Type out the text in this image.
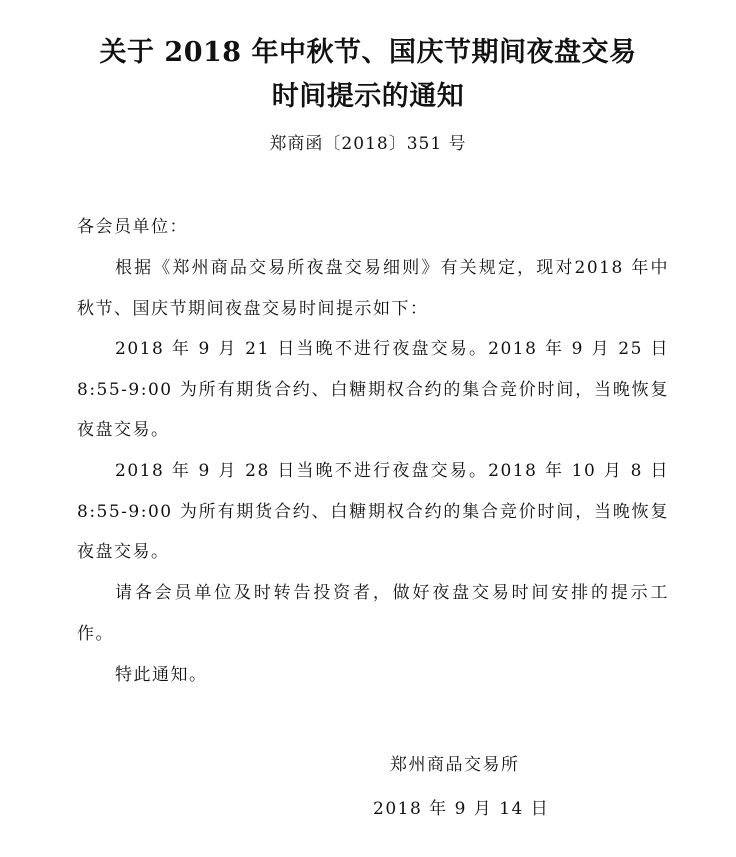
关于 2018 年中秋节、国庆节期间夜盘交易
时间提示的通知
郑商函〔2018〕351 号

各会员单位：

根据《郑州商品交易所夜盘交易细则》有关规定，现对2018 年中秋节、国庆节期间夜盘交易时间提示如下：

2018 年 9 月 21 日当晚不进行夜盘交易。2018 年 9 月 25 日 8:55-9:00 为所有期货合约、白糖期权合约的集合竞价时间，当晚恢复夜盘交易。

2018 年 9 月 28 日当晚不进行夜盘交易。2018 年 10 月 8 日 8:55-9:00 为所有期货合约、白糖期权合约的集合竞价时间，当晚恢复夜盘交易。

请各会员单位及时转告投资者，做好夜盘交易时间安排的提示工作。

特此通知。

郑州商品交易所
2018 年 9 月 14 日
